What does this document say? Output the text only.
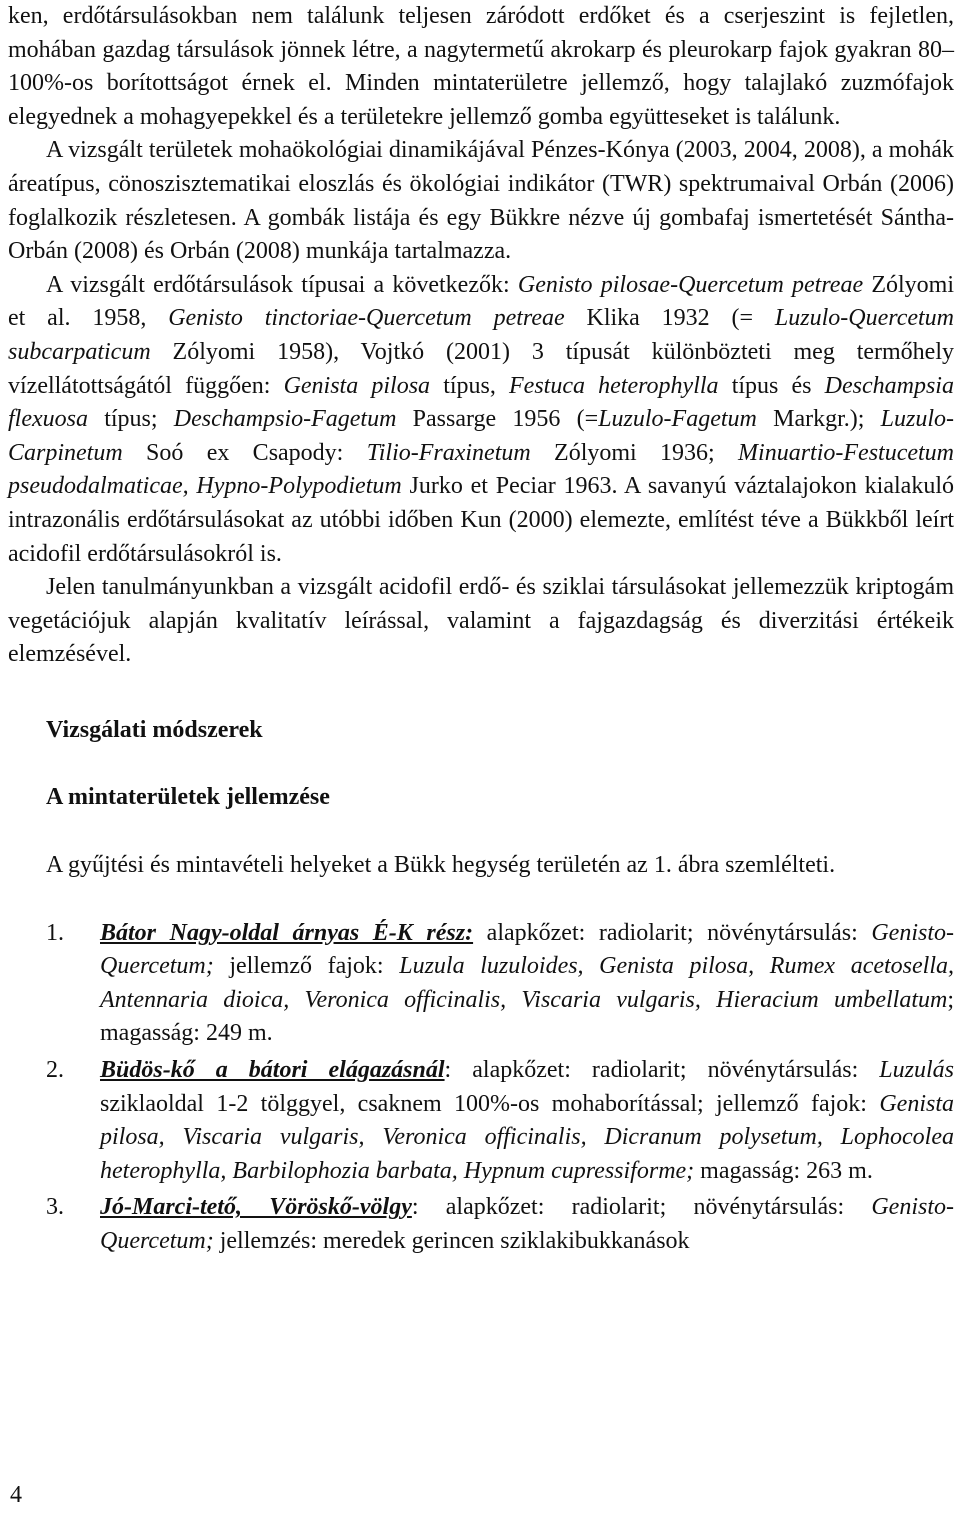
ken, erdőtársulásokban nem találunk teljesen záródott erdőket és a cserjeszint is fejletlen, mohában gazdag társulások jönnek létre, a nagytermetű akrokarp és pleurokarp fajok gyakran 80–100%-os borítottságot érnek el. Minden mintaterületre jellemző, hogy talajlakó zuzmófajok elegyednek a mohagyepekkel és a területekre jellemző gomba együtteseket is találunk.

A vizsgált területek mohaökológiai dinamikájával Pénzes-Kónya (2003, 2004, 2008), a mohák áreatípus, cönoszisztematikai eloszlás és ökológiai indikátor (TWR) spektrumaival Orbán (2006) foglalkozik részletesen. A gombák listája és egy Bükkre nézve új gombafaj ismertetését Sántha-Orbán (2008) és Orbán (2008) munkája tartalmazza.

A vizsgált erdőtársulások típusai a következők: Genisto pilosae-Quercetum petreae Zólyomi et al. 1958, Genisto tinctoriae-Quercetum petreae Klika 1932 (= Luzulo-Quercetum subcarpaticum Zólyomi 1958), Vojtkó (2001) 3 típusát különbözteti meg termőhely vízellátottságától függően: Genista pilosa típus, Festuca heterophylla típus és Deschampsia flexuosa típus; Deschampsio-Fagetum Passarge 1956 (=Luzulo-Fagetum Markgr.); Luzulo-Carpinetum Soó ex Csapody: Tilio-Fraxinetum Zólyomi 1936; Minuartio-Festucetum pseudodalmaticae, Hypno-Polypodietum Jurko et Peciar 1963. A savanyú váztalajokon kialakuló intrazonális erdőtársulásokat az utóbbi időben Kun (2000) elemezte, említést téve a Bükkből leírt acidofil erdőtársulásokról is.

Jelen tanulmányunkban a vizsgált acidofil erdő- és sziklai társulásokat jellemezzük kriptogám vegetációjuk alapján kvalitatív leírással, valamint a fajgazdagság és diverzitási értékeik elemzésével.

Vizsgálati módszerek
A mintaterületek jellemzése

A gyűjtési és mintavételi helyeket a Bükk hegység területén az 1. ábra szemlélteti.

1. Bátor Nagy-oldal árnyas É-K rész: alapkőzet: radiolarit; növénytársulás: Genisto-Quercetum; jellemző fajok: Luzula luzuloides, Genista pilosa, Rumex acetosella, Antennaria dioica, Veronica officinalis, Viscaria vulgaris, Hieracium umbellatum; magasság: 249 m.
2. Büdös-kő a bátori elágazásnál: alapkőzet: radiolarit; növénytársulás: Luzulás sziklaoldal 1-2 tölggyel, csaknem 100%-os mohaborítással; jellemző fajok: Genista pilosa, Viscaria vulgaris, Veronica officinalis, Dicranum polysetum, Lophocolea heterophylla, Barbilophozia barbata, Hypnum cupressiforme; magasság: 263 m.
3. Jó-Marci-tető, Vöröskő-völgy: alapkőzet: radiolarit; növénytársulás: Genisto-Quercetum; jellemzés: meredek gerincen sziklakibukkanások
4
